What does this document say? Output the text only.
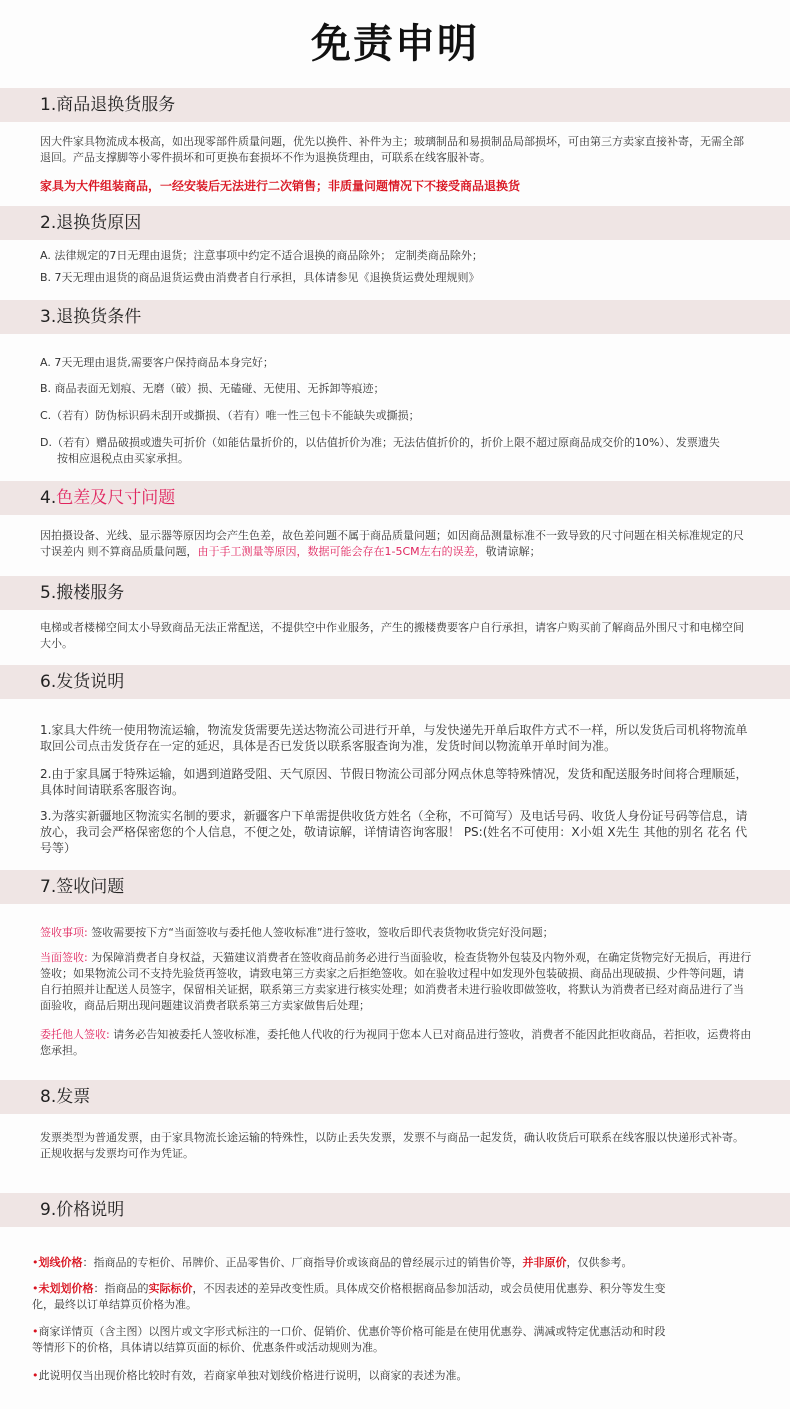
免责申明
1.商品退换货服务

因大件家具物流成本极高，如出现零部件质量问题，优先以换件、补件为主；玻璃制品和易损制品局部损坏，可由第三方卖家直接补寄，无需全部退回。产品支撑脚等小零件损坏和可更换布套损坏不作为退换货理由，可联系在线客服补寄。

家具为大件组装商品，一经安装后无法进行二次销售；非质量问题情况下不接受商品退换货

2.退换货原因

A. 法律规定的7日无理由退货；注意事项中约定不适合退换的商品除外； 定制类商品除外；

B. 7天无理由退货的商品退货运费由消费者自行承担，具体请参见《退换货运费处理规则》

3.退换货条件

A. 7天无理由退货,需要客户保持商品本身完好；

B. 商品表面无划痕、无磨（破）损、无磕碰、无使用、无拆卸等痕迹；

C.（若有）防伪标识码未刮开或撕损、（若有）唯一性三包卡不能缺失或撕损；

D.（若有）赠品破损或遗失可折价（如能估量折价的，以估值折价为准；无法估值折价的，折价上限不超过原商品成交价的10%）、发票遗失
按相应退税点由买家承担。

4.色差及尺寸问题

因拍摄设备、光线、显示器等原因均会产生色差，故色差问题不属于商品质量问题；如因商品测量标准不一致导致的尺寸问题在相关标准规定的尺寸误差内 则不算商品质量问题，由于手工测量等原因，数据可能会存在1-5CM左右的误差，敬请谅解；

5.搬楼服务

电梯或者楼梯空间太小导致商品无法正常配送，不提供空中作业服务，产生的搬楼费要客户自行承担，请客户购买前了解商品外围尺寸和电梯空间大小。

6.发货说明

1.家具大件统一使用物流运输，物流发货需要先送达物流公司进行开单，与发快递先开单后取件方式不一样，所以发货后司机将物流单取回公司点击发货存在一定的延迟，具体是否已发货以联系客服查询为准，发货时间以物流单开单时间为准。

2.由于家具属于特殊运输，如遇到道路受阻、天气原因、节假日物流公司部分网点休息等特殊情况，发货和配送服务时间将合理顺延，具体时间请联系客服咨询。

3.为落实新疆地区物流实名制的要求，新疆客户下单需提供收货方姓名（全称，不可简写）及电话号码、收货人身份证号码等信息，请放心，我司会严格保密您的个人信息，不便之处，敬请谅解，详情请咨询客服！ PS:(姓名不可使用：X小姐 X先生 其他的别名 花名 代号等）

7.签收问题

签收事项: 签收需要按下方“当面签收与委托他人签收标准”进行签收，签收后即代表货物收货完好没问题；

当面签收: 为保障消费者自身权益，天猫建议消费者在签收商品前务必进行当面验收，检查货物外包装及内物外观，在确定货物完好无损后，再进行签收；如果物流公司不支持先验货再签收，请致电第三方卖家之后拒绝签收。如在验收过程中如发现外包装破损、商品出现破损、少件等问题，请自行拍照并让配送人员签字，保留相关证据，联系第三方卖家进行核实处理；如消费者未进行验收即做签收，将默认为消费者已经对商品进行了当面验收，商品后期出现问题建议消费者联系第三方卖家做售后处理；

委托他人签收: 请务必告知被委托人签收标准，委托他人代收的行为视同于您本人已对商品进行签收，消费者不能因此拒收商品，若拒收，运费将由您承担。

8.发票

发票类型为普通发票，由于家具物流长途运输的特殊性，以防止丢失发票，发票不与商品一起发货，确认收货后可联系在线客服以快递形式补寄。正规收据与发票均可作为凭证。

9.价格说明

•划线价格：指商品的专柜价、吊牌价、正品零售价、厂商指导价或该商品的曾经展示过的销售价等，并非原价，仅供参考。

•未划划价格：指商品的实际标价，不因表述的差异改变性质。具体成交价格根据商品参加活动，或会员使用优惠券、积分等发生变化，最终以订单结算页价格为准。

•商家详情页（含主图）以图片或文字形式标注的一口价、促销价、优惠价等价格可能是在使用优惠券、满减或特定优惠活动和时段等情形下的价格，具体请以结算页面的标价、优惠条件或活动规则为准。

•此说明仅当出现价格比较时有效，若商家单独对划线价格进行说明，以商家的表述为准。
